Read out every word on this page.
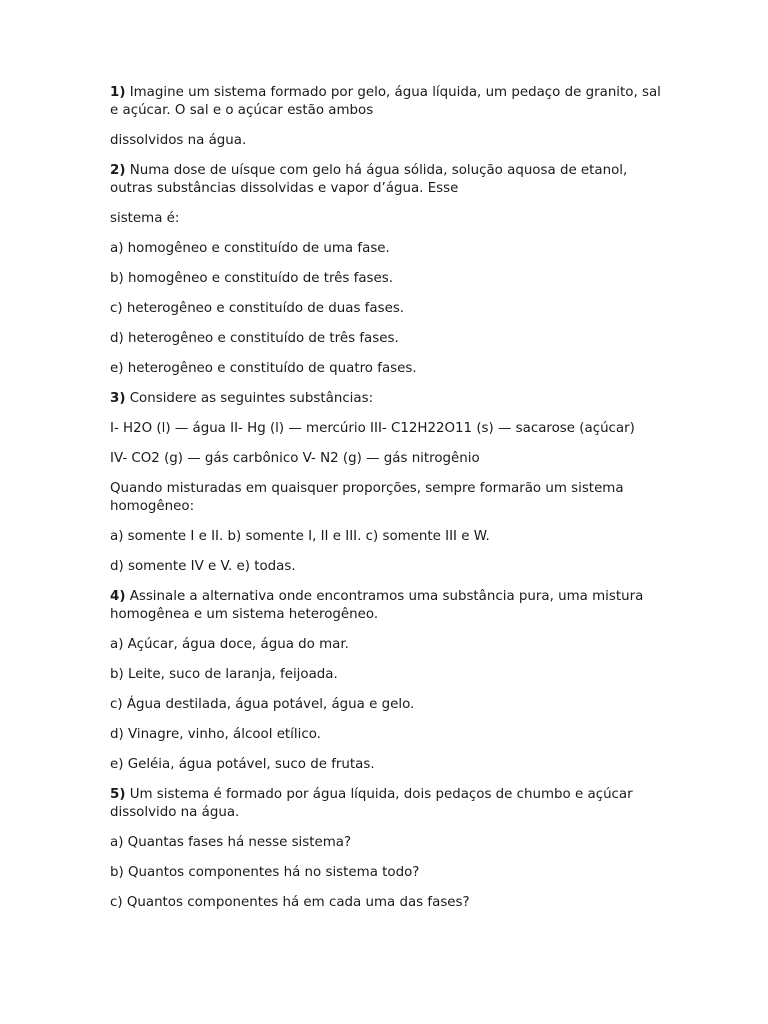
1) Imagine um sistema formado por gelo, água líquida, um pedaço de granito, sal e açúcar. O sal e o açúcar estão ambos

dissolvidos na água.

2) Numa dose de uísque com gelo há água sólida, solução aquosa de etanol, outras substâncias dissolvidas e vapor d’água. Esse

sistema é:

a) homogêneo e constituído de uma fase.

b) homogêneo e constituído de três fases.

c) heterogêneo e constituído de duas fases.

d) heterogêneo e constituído de três fases.

e) heterogêneo e constituído de quatro fases.

3) Considere as seguintes substâncias:

I- H2O (l) — água II- Hg (l) — mercúrio III- C12H22O11 (s) — sacarose (açúcar)

IV- CO2 (g) — gás carbônico V- N2 (g) — gás nitrogênio

Quando misturadas em quaisquer proporções, sempre formarão um sistema homogêneo:

a) somente I e II. b) somente I, II e III. c) somente III e W.

d) somente IV e V. e) todas.

4) Assinale a alternativa onde encontramos uma substância pura, uma mistura homogênea e um sistema heterogêneo.

a) Açúcar, água doce, água do mar.

b) Leite, suco de laranja, feijoada.

c) Água destilada, água potável, água e gelo.

d) Vinagre, vinho, álcool etílico.

e) Geléia, água potável, suco de frutas.

5) Um sistema é formado por água líquida, dois pedaços de chumbo e açúcar dissolvido na água.

a) Quantas fases há nesse sistema?

b) Quantos componentes há no sistema todo?

c) Quantos componentes há em cada uma das fases?
